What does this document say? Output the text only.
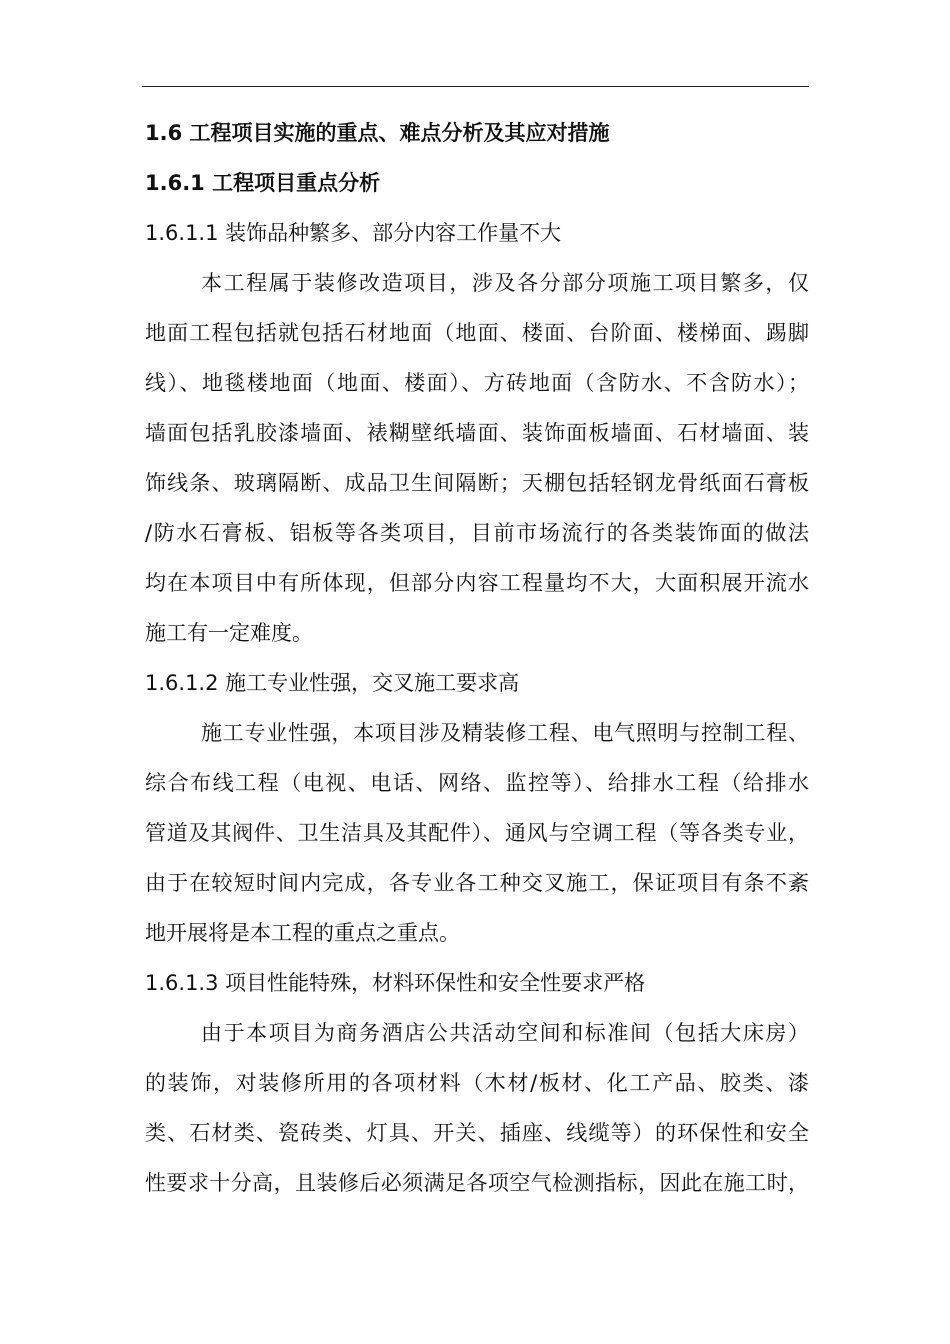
1.6 工程项目实施的重点、难点分析及其应对措施
1.6.1 工程项目重点分析
1.6.1.1 装饰品种繁多、部分内容工作量不大
本工程属于装修改造项目，涉及各分部分项施工项目繁多，仅
地面工程包括就包括石材地面（地面、楼面、台阶面、楼梯面、踢脚
线）、地毯楼地面（地面、楼面）、方砖地面（含防水、不含防水）；
墙面包括乳胶漆墙面、裱糊壁纸墙面、装饰面板墙面、石材墙面、装
饰线条、玻璃隔断、成品卫生间隔断；天棚包括轻钢龙骨纸面石膏板
/防水石膏板、铝板等各类项目，目前市场流行的各类装饰面的做法
均在本项目中有所体现，但部分内容工程量均不大，大面积展开流水
施工有一定难度。
1.6.1.2 施工专业性强，交叉施工要求高
施工专业性强，本项目涉及精装修工程、电气照明与控制工程、
综合布线工程（电视、电话、网络、监控等）、给排水工程（给排水
管道及其阀件、卫生洁具及其配件）、通风与空调工程（等各类专业，
由于在较短时间内完成，各专业各工种交叉施工，保证项目有条不紊
地开展将是本工程的重点之重点。
1.6.1.3 项目性能特殊，材料环保性和安全性要求严格
由于本项目为商务酒店公共活动空间和标准间（包括大床房）
的装饰，对装修所用的各项材料（木材/板材、化工产品、胶类、漆
类、石材类、瓷砖类、灯具、开关、插座、线缆等）的环保性和安全
性要求十分高，且装修后必须满足各项空气检测指标，因此在施工时，
